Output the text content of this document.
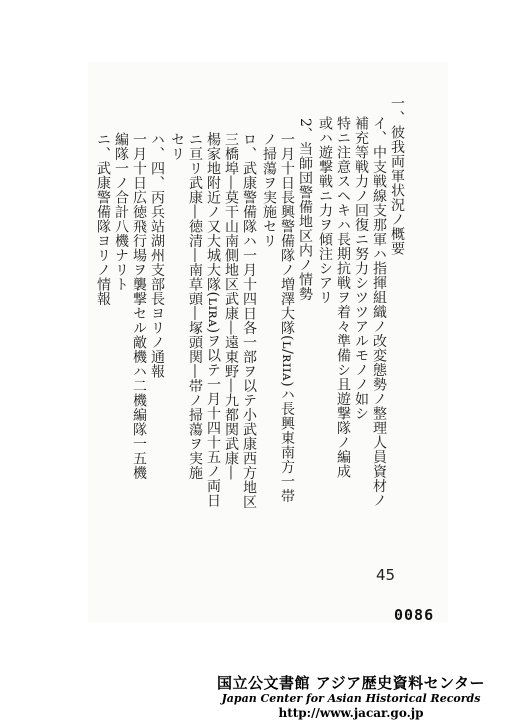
一、彼我両軍状況ノ概要
イ、中支戦線支那軍ハ指揮組織ノ改変態勢ノ整理人員資材ノ
補充等戦力ノ回復ニ努力シツツアルモノノ如シ
特ニ注意スヘキハ長期抗戦ヲ着々準備シ且遊撃隊ノ編成
或ハ遊撃戦ニ力ヲ傾注シアリ
2、当師団警備地区内ノ情勢
一月十日長興警備隊ノ増澤大隊(ʟ/ʀɪɪᴀ)ハ長興東南方一帯
ノ掃蕩ヲ実施セリ
ロ、武康警備隊ハ一月十四日各一部ヲ以テ小武康西方地区
三橋埠―莫干山南側地区武康―遠東野―九都関武康―
楊家地附近ノ又大城大隊(ʟɪʀᴀ)ヲ以テ一月十四十五ノ両日
ニ亘リ武康―徳清―南草頭―塚頭関―帯ノ掃蕩ヲ実施
セリ
ハ、四、丙兵站湖州支部長ヨリノ通報
一月十日広徳飛行場ヲ襲撃セル敵機ハ二機編隊一五機
編隊一ノ合計八機ナリト
ニ、武康警備隊ヨリノ情報
45
0086
国立公文書館 アジア歴史資料センター
Japan Center for Asian Historical Records
http://www.jacar.go.jp
